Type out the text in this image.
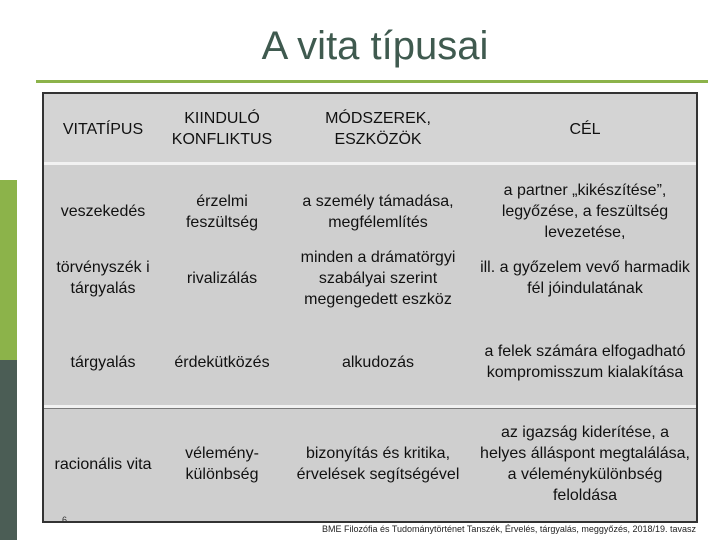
A vita típusai
VITATÍPUS
KIINDULÓ KONFLIKTUS
MÓDSZEREK, ESZKÖZÖK
CÉL
veszekedés
érzelmi feszültség
a személy támadása, megfélemlítés
a partner „kikészítése”, legyőzése, a feszültség levezetése,
törvényszék i tárgyalás
rivalizálás
minden a drámatörgyi szabályai szerint megengedett eszköz
ill. a győzelem vevő harmadik fél jóindulatának
tárgyalás	érdekütközés	alkudozás
a felek számára elfogadható kompromisszum kialakítása
racionális vita
vélemény-különbség
bizonyítás és kritika, érvelések segítségével
az igazság kiderítése, a helyes álláspont megtalálása, a véleménykülönbség feloldása
6
BME Filozófia és Tudománytörténet Tanszék, Érvelés, tárgyalás, meggyőzés, 2018/19. tavasz
